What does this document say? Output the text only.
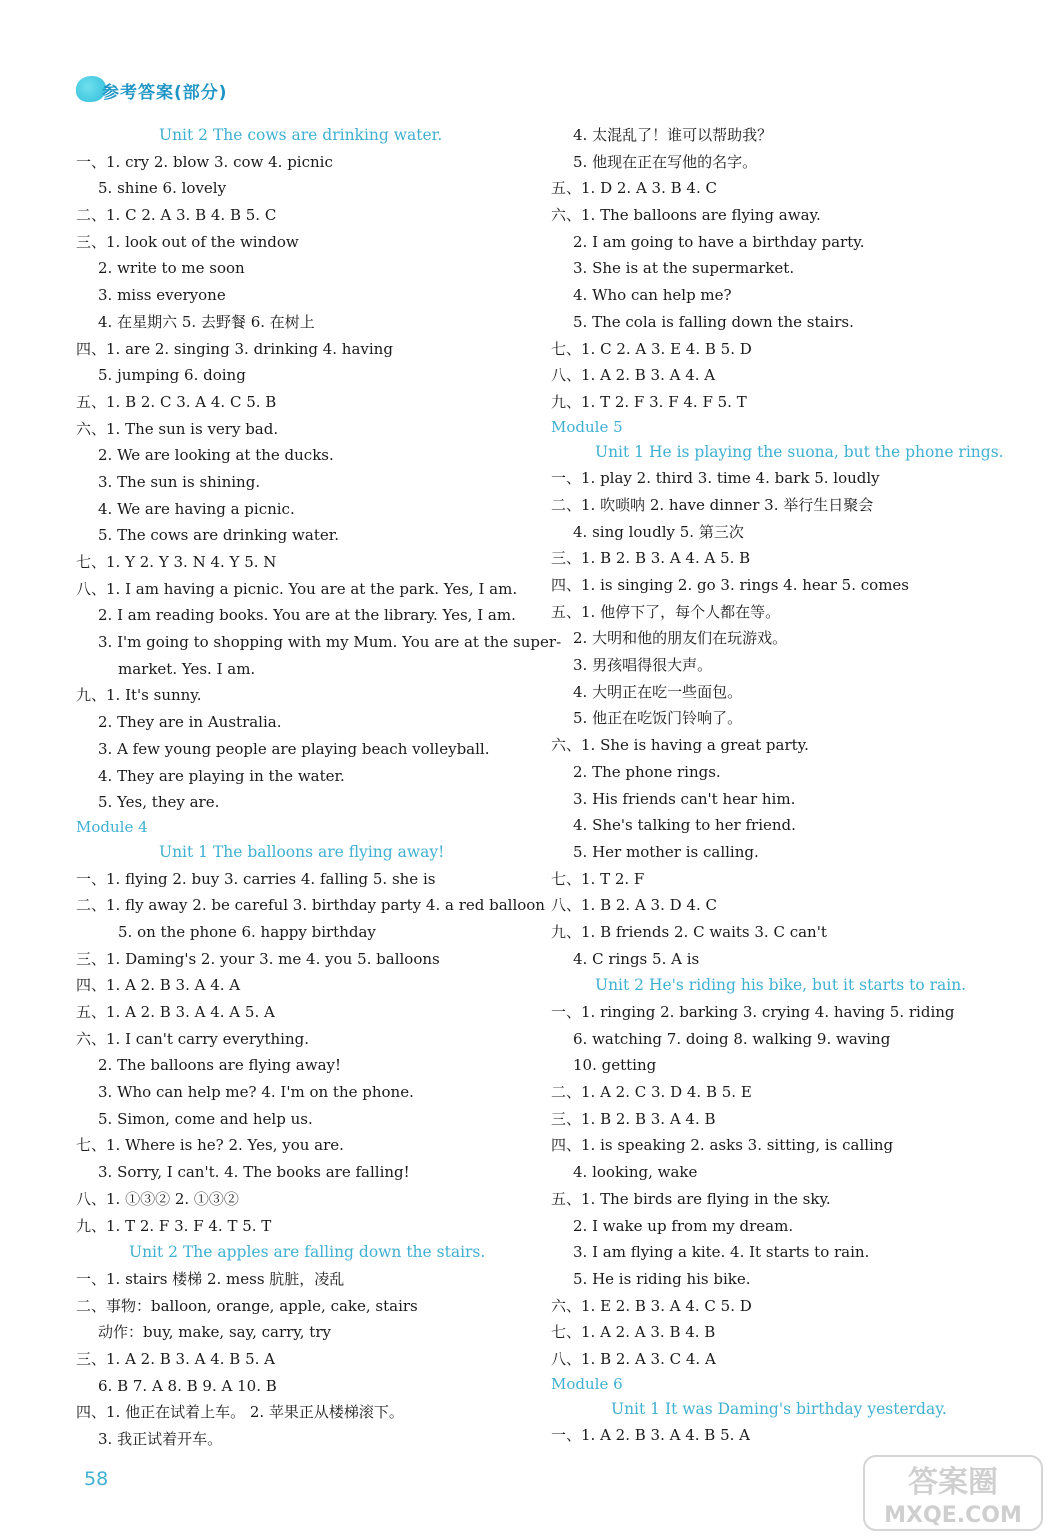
参考答案(部分)
Unit 2 The cows are drinking water.
一、1. cry 2. blow 3. cow 4. picnic
5. shine 6. lovely
二、1. C 2. A 3. B 4. B 5. C
三、1. look out of the window
2. write to me soon
3. miss everyone
4. 在星期六 5. 去野餐 6. 在树上
四、1. are 2. singing 3. drinking 4. having
5. jumping 6. doing
五、1. B 2. C 3. A 4. C 5. B
六、1. The sun is very bad.
2. We are looking at the ducks.
3. The sun is shining.
4. We are having a picnic.
5. The cows are drinking water.
七、1. Y 2. Y 3. N 4. Y 5. N
八、1. I am having a picnic. You are at the park. Yes, I am.
2. I am reading books. You are at the library. Yes, I am.
3. I'm going to shopping with my Mum. You are at the super-
market. Yes. I am.
九、1. It's sunny.
2. They are in Australia.
3. A few young people are playing beach volleyball.
4. They are playing in the water.
5. Yes, they are.
Module 4
Unit 1 The balloons are flying away!
一、1. flying 2. buy 3. carries 4. falling 5. she is
二、1. fly away 2. be careful 3. birthday party 4. a red balloon
5. on the phone 6. happy birthday
三、1. Daming's 2. your 3. me 4. you 5. balloons
四、1. A 2. B 3. A 4. A
五、1. A 2. B 3. A 4. A 5. A
六、1. I can't carry everything.
2. The balloons are flying away!
3. Who can help me? 4. I'm on the phone.
5. Simon, come and help us.
七、1. Where is he? 2. Yes, you are.
3. Sorry, I can't. 4. The books are falling!
八、1. ①③② 2. ①③②
九、1. T 2. F 3. F 4. T 5. T
Unit 2 The apples are falling down the stairs.
一、1. stairs 楼梯 2. mess 肮脏，凌乱
二、事物：balloon, orange, apple, cake, stairs
动作：buy, make, say, carry, try
三、1. A 2. B 3. A 4. B 5. A
6. B 7. A 8. B 9. A 10. B
四、1. 他正在试着上车。 2. 苹果正从楼梯滚下。
3. 我正试着开车。
4. 太混乱了！谁可以帮助我？
5. 他现在正在写他的名字。
五、1. D 2. A 3. B 4. C
六、1. The balloons are flying away.
2. I am going to have a birthday party.
3. She is at the supermarket.
4. Who can help me?
5. The cola is falling down the stairs.
七、1. C 2. A 3. E 4. B 5. D
八、1. A 2. B 3. A 4. A
九、1. T 2. F 3. F 4. F 5. T
Module 5
Unit 1 He is playing the suona, but the phone rings.
一、1. play 2. third 3. time 4. bark 5. loudly
二、1. 吹唢呐 2. have dinner 3. 举行生日聚会
4. sing loudly 5. 第三次
三、1. B 2. B 3. A 4. A 5. B
四、1. is singing 2. go 3. rings 4. hear 5. comes
五、1. 他停下了，每个人都在等。
2. 大明和他的朋友们在玩游戏。
3. 男孩唱得很大声。
4. 大明正在吃一些面包。
5. 他正在吃饭门铃响了。
六、1. She is having a great party.
2. The phone rings.
3. His friends can't hear him.
4. She's talking to her friend.
5. Her mother is calling.
七、1. T 2. F
八、1. B 2. A 3. D 4. C
九、1. B friends 2. C waits 3. C can't
4. C rings 5. A is
Unit 2 He's riding his bike, but it starts to rain.
一、1. ringing 2. barking 3. crying 4. having 5. riding
6. watching 7. doing 8. walking 9. waving
10. getting
二、1. A 2. C 3. D 4. B 5. E
三、1. B 2. B 3. A 4. B
四、1. is speaking 2. asks 3. sitting, is calling
4. looking, wake
五、1. The birds are flying in the sky.
2. I wake up from my dream.
3. I am flying a kite. 4. It starts to rain.
5. He is riding his bike.
六、1. E 2. B 3. A 4. C 5. D
七、1. A 2. A 3. B 4. B
八、1. B 2. A 3. C 4. A
Module 6
Unit 1 It was Daming's birthday yesterday.
一、1. A 2. B 3. A 4. B 5. A
58	答案圈
MXQE.COM
